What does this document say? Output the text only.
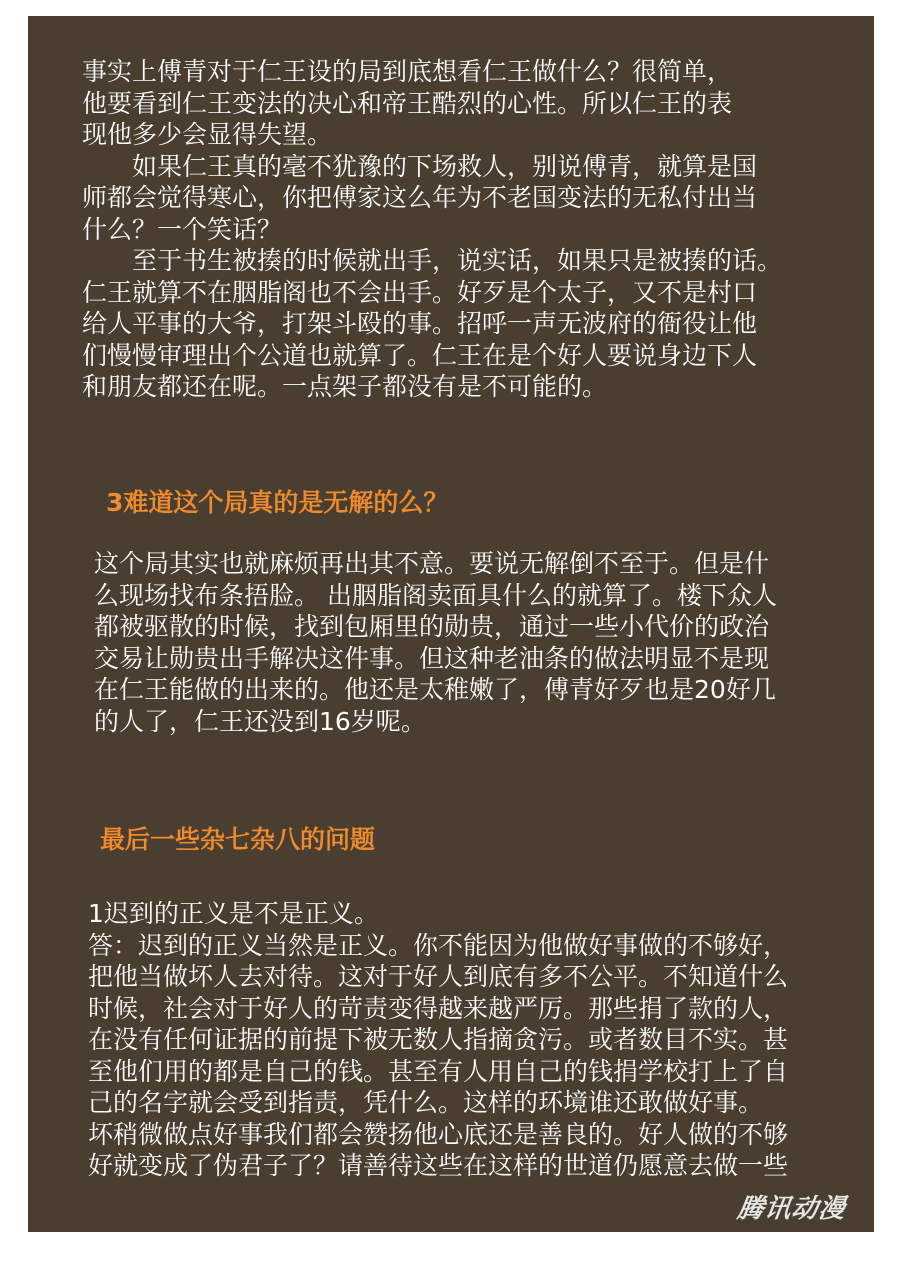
事实上傅青对于仁王设的局到底想看仁王做什么？很简单，
他要看到仁王变法的决心和帝王酷烈的心性。所以仁王的表
现他多少会显得失望。
　　如果仁王真的毫不犹豫的下场救人，别说傅青，就算是国
师都会觉得寒心，你把傅家这么年为不老国变法的无私付出当
什么？一个笑话？
　　至于书生被揍的时候就出手，说实话，如果只是被揍的话。
仁王就算不在胭脂阁也不会出手。好歹是个太子，又不是村口
给人平事的大爷，打架斗殴的事。招呼一声无波府的衙役让他
们慢慢审理出个公道也就算了。仁王在是个好人要说身边下人
和朋友都还在呢。一点架子都没有是不可能的。
3难道这个局真的是无解的么？
这个局其实也就麻烦再出其不意。要说无解倒不至于。但是什
么现场找布条捂脸。 出胭脂阁卖面具什么的就算了。楼下众人
都被驱散的时候，找到包厢里的勋贵，通过一些小代价的政治
交易让勋贵出手解决这件事。但这种老油条的做法明显不是现
在仁王能做的出来的。他还是太稚嫩了，傅青好歹也是20好几
的人了，仁王还没到16岁呢。
最后一些杂七杂八的问题
1迟到的正义是不是正义。
答：迟到的正义当然是正义。你不能因为他做好事做的不够好，
把他当做坏人去对待。这对于好人到底有多不公平。不知道什么
时候，社会对于好人的苛责变得越来越严厉。那些捐了款的人，
在没有任何证据的前提下被无数人指摘贪污。或者数目不实。甚
至他们用的都是自己的钱。甚至有人用自己的钱捐学校打上了自
己的名字就会受到指责，凭什么。这样的环境谁还敢做好事。
坏稍微做点好事我们都会赞扬他心底还是善良的。好人做的不够
好就变成了伪君子了？请善待这些在这样的世道仍愿意去做一些
腾讯动漫
